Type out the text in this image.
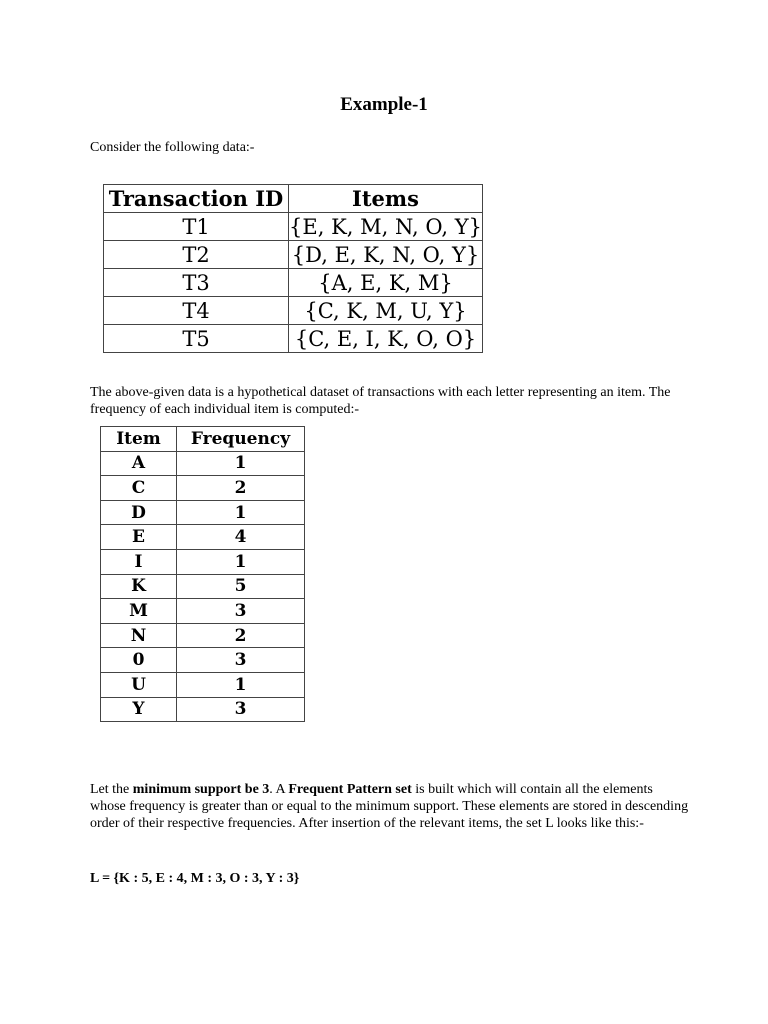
Example-1
Consider the following data:-
Transaction ID	Items
T1	{E, K, M, N, O, Y}
T2	{D, E, K, N, O, Y}
T3	{A, E, K, M}
T4	{C, K, M, U, Y}
T5	{C, E, I, K, O, O}
The above-given data is a hypothetical dataset of transactions with each letter representing an item. The frequency of each individual item is computed:-
Item	Frequency
A	1
C	2
D	1
E	4
I	1
K	5
M	3
N	2
0	3
U	1
Y	3
Let the minimum support be 3. A Frequent Pattern set is built which will contain all the elements whose frequency is greater than or equal to the minimum support. These elements are stored in descending order of their respective frequencies. After insertion of the relevant items, the set L looks like this:-
L = {K : 5, E : 4, M : 3, O : 3, Y : 3}
